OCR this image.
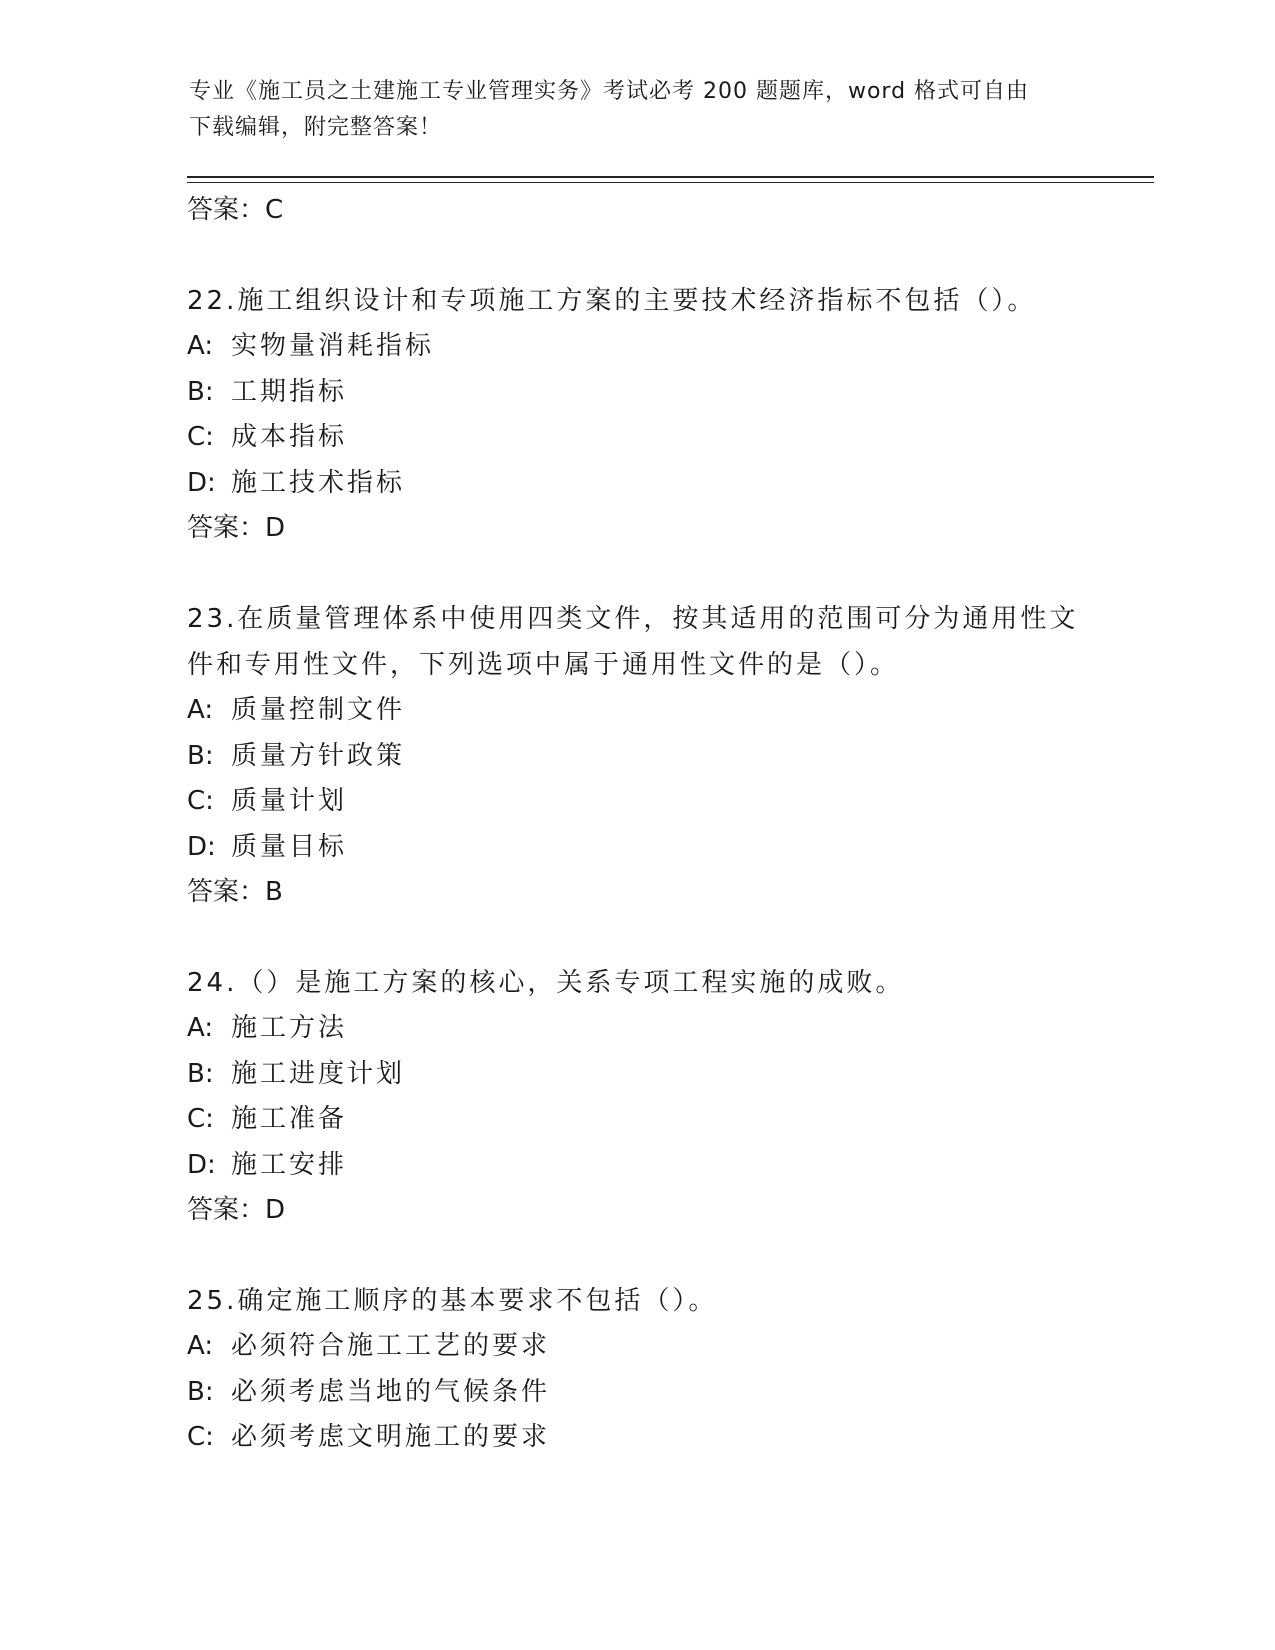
专业《施工员之土建施工专业管理实务》考试必考 200 题题库，word 格式可自由
下载编辑，附完整答案！
答案：C
22.施工组织设计和专项施工方案的主要技术经济指标不包括（）。
A: 实物量消耗指标
B: 工期指标
C: 成本指标
D: 施工技术指标
答案：D
23.在质量管理体系中使用四类文件，按其适用的范围可分为通用性文
件和专用性文件，下列选项中属于通用性文件的是（）。
A: 质量控制文件
B: 质量方针政策
C: 质量计划
D: 质量目标
答案：B
24.（）是施工方案的核心，关系专项工程实施的成败。
A: 施工方法
B: 施工进度计划
C: 施工准备
D: 施工安排
答案：D
25.确定施工顺序的基本要求不包括（）。
A: 必须符合施工工艺的要求
B: 必须考虑当地的气候条件
C: 必须考虑文明施工的要求
